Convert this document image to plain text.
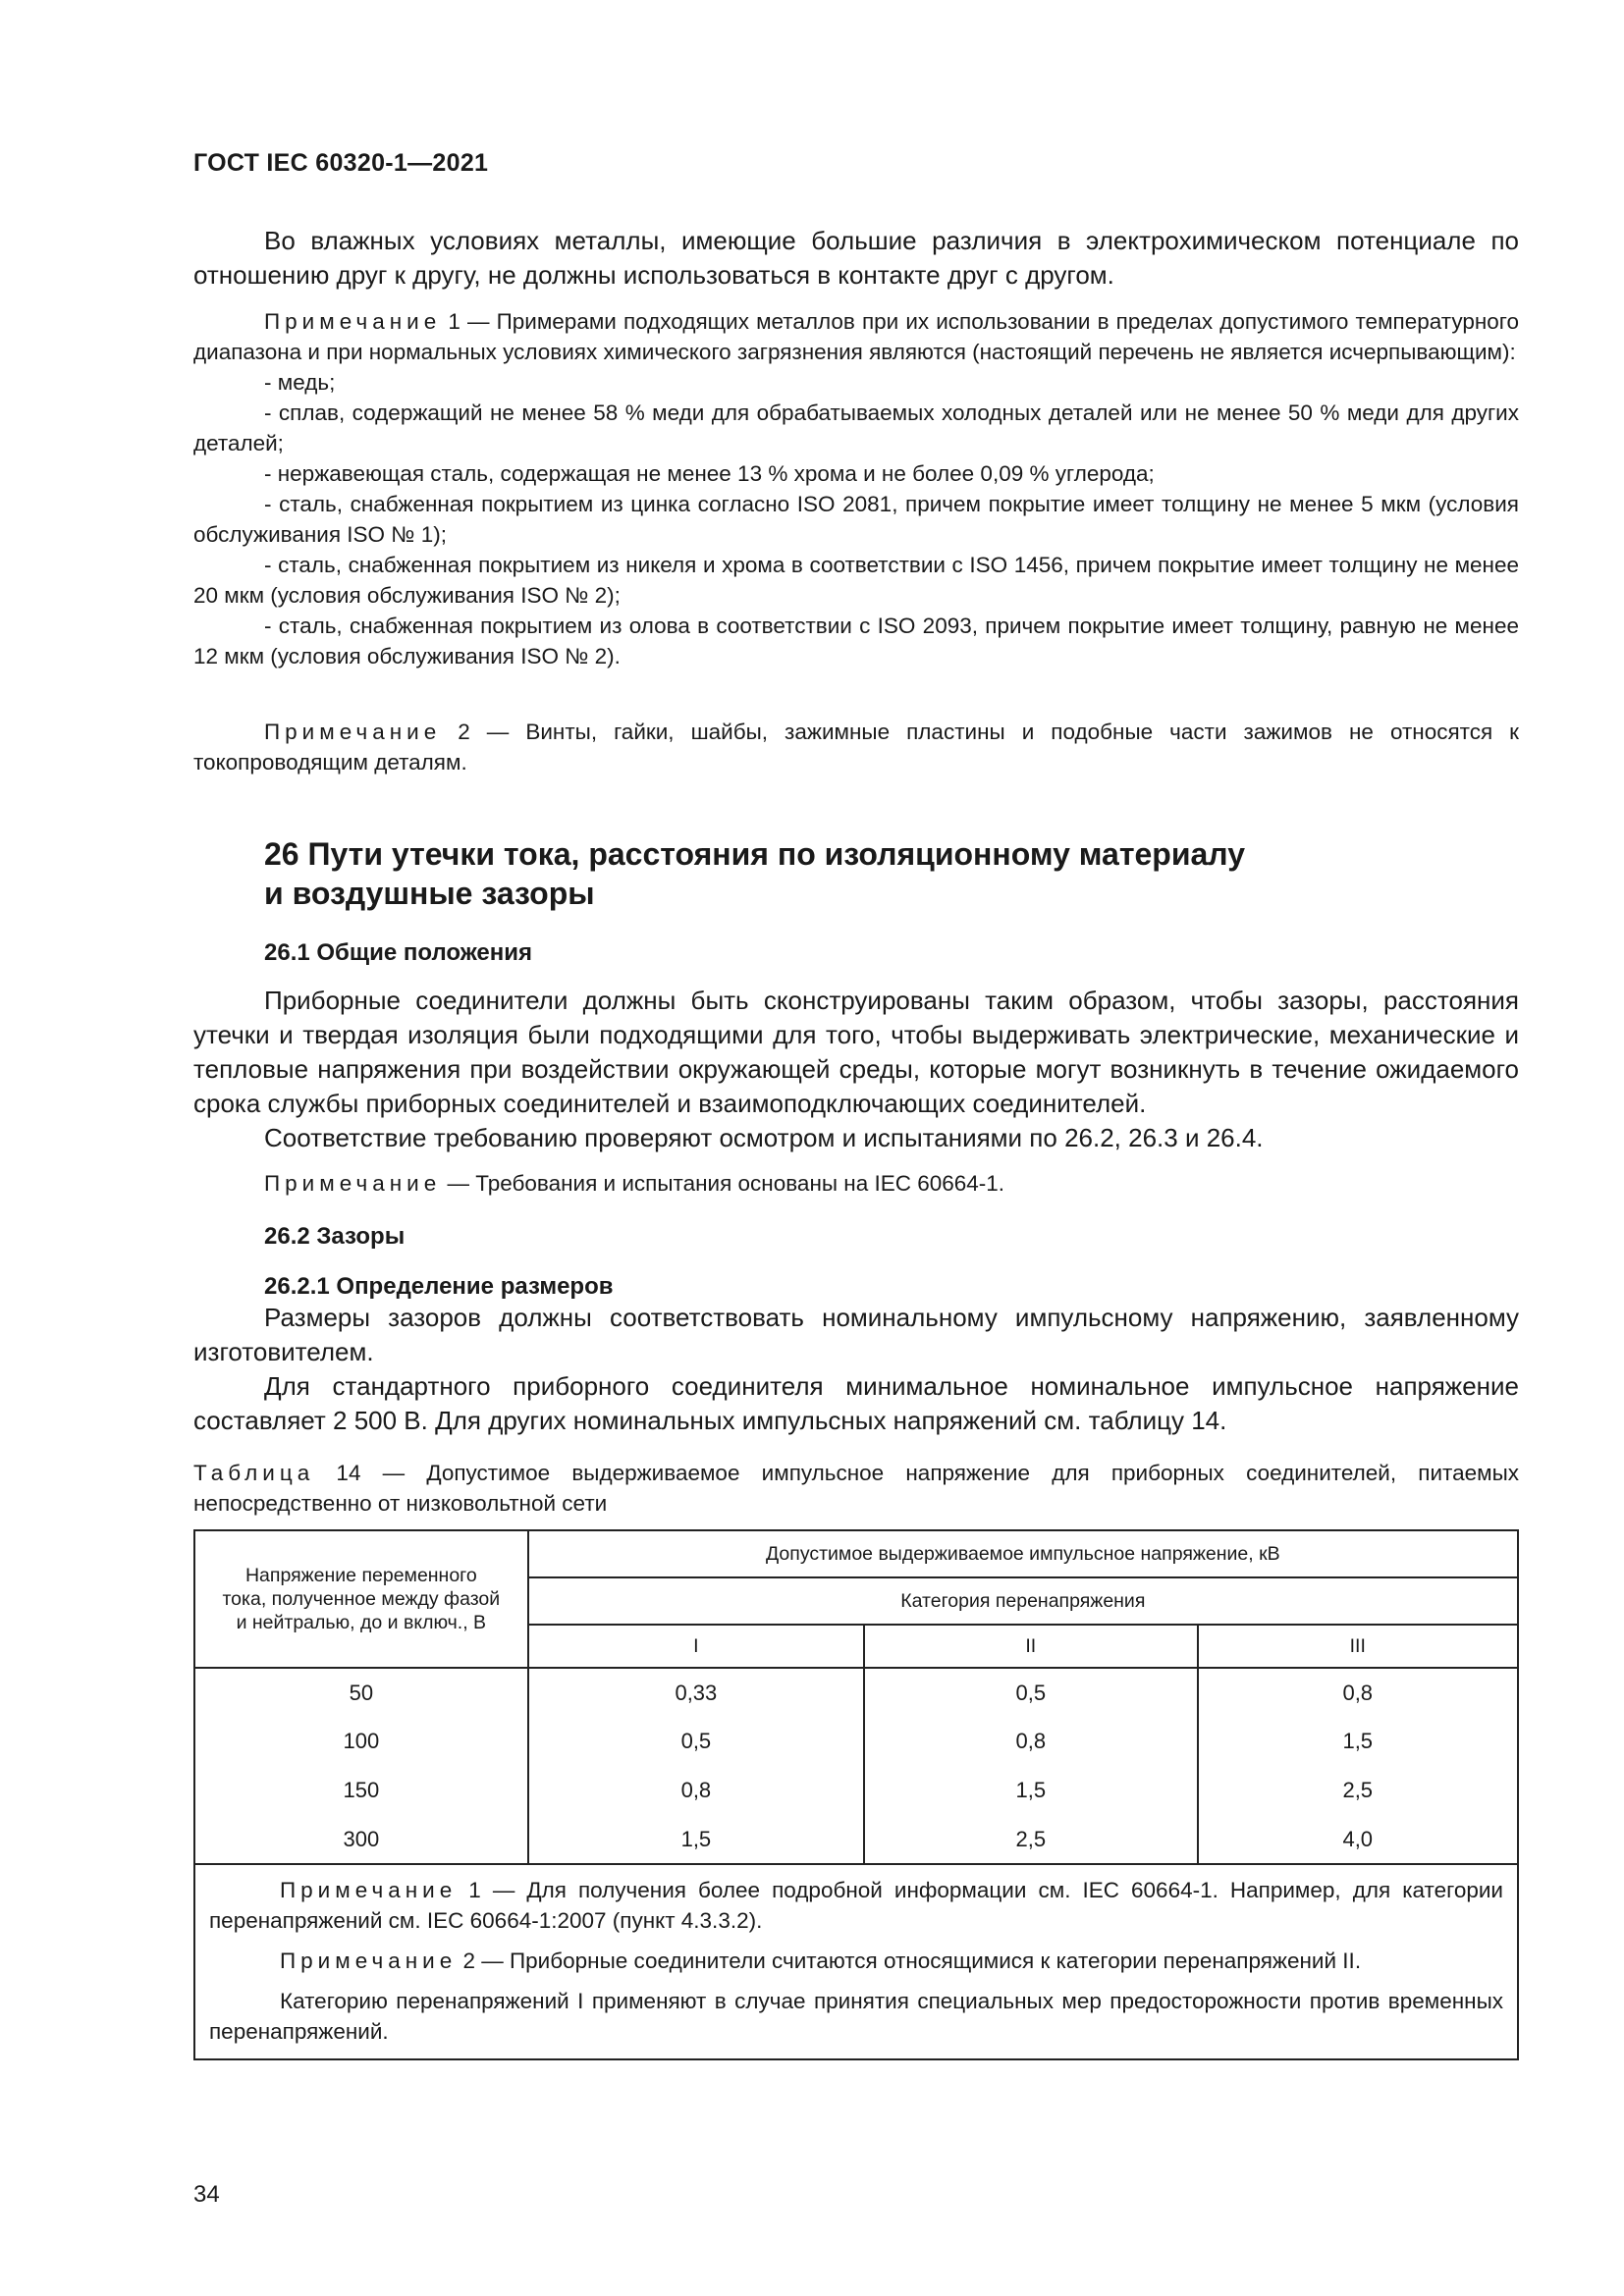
ГОСТ IEC 60320-1—2021

Во влажных условиях металлы, имеющие большие различия в электрохимическом потенциале по отношению друг к другу, не должны использоваться в контакте друг с другом.

Примечание 1 — Примерами подходящих металлов при их использовании в пределах допустимого температурного диапазона и при нормальных условиях химического загрязнения являются (настоящий перечень не является исчерпывающим):
- медь;
- сплав, содержащий не менее 58 % меди для обрабатываемых холодных деталей или не менее 50 % меди для других деталей;
- нержавеющая сталь, содержащая не менее 13 % хрома и не более 0,09 % углерода;
- сталь, снабженная покрытием из цинка согласно ISO 2081, причем покрытие имеет толщину не менее 5 мкм (условия обслуживания ISO № 1);
- сталь, снабженная покрытием из никеля и хрома в соответствии с ISO 1456, причем покрытие имеет толщину не менее 20 мкм (условия обслуживания ISO № 2);
- сталь, снабженная покрытием из олова в соответствии с ISO 2093, причем покрытие имеет толщину, равную не менее 12 мкм (условия обслуживания ISO № 2).
Примечание 2 — Винты, гайки, шайбы, зажимные пластины и подобные части зажимов не относятся к токопроводящим деталям.
26 Пути утечки тока, расстояния по изоляционному материалу
и воздушные зазоры
26.1 Общие положения

Приборные соединители должны быть сконструированы таким образом, чтобы зазоры, расстояния утечки и твердая изоляция были подходящими для того, чтобы выдерживать электрические, механические и тепловые напряжения при воздействии окружающей среды, которые могут возникнуть в течение ожидаемого срока службы приборных соединителей и взаимоподключающих соединителей.

Соответствие требованию проверяют осмотром и испытаниями по 26.2, 26.3 и 26.4.

Примечание — Требования и испытания основаны на IEC 60664-1.
26.2 Зазоры
26.2.1 Определение размеров

Размеры зазоров должны соответствовать номинальному импульсному напряжению, заявленному изготовителем.

Для стандартного приборного соединителя минимальное номинальное импульсное напряжение составляет 2 500 В. Для других номинальных импульсных напряжений см. таблицу 14.

Таблица 14 — Допустимое выдерживаемое импульсное напряжение для приборных соединителей, питаемых непосредственно от низковольтной сети
Напряжение переменного тока, полученное между фазой и нейтралью, до и включ., В	Допустимое выдерживаемое импульсное напряжение, кВ		
	Категория перенапряжения		
	I	II	III
50	0,33	0,5	0,8
100	0,5	0,8	1,5
150	0,8	1,5	2,5
300	1,5	2,5	4,0

Примечание 1 — Для получения более подробной информации см. IEC 60664-1. Например, для категории перенапряжений см. IEC 60664-1:2007 (пункт 4.3.3.2).
Примечание 2 — Приборные соединители считаются относящимися к категории перенапряжений II.
Категорию перенапряжений I применяют в случае принятия специальных мер предосторожности против временных перенапряжений.			
34
